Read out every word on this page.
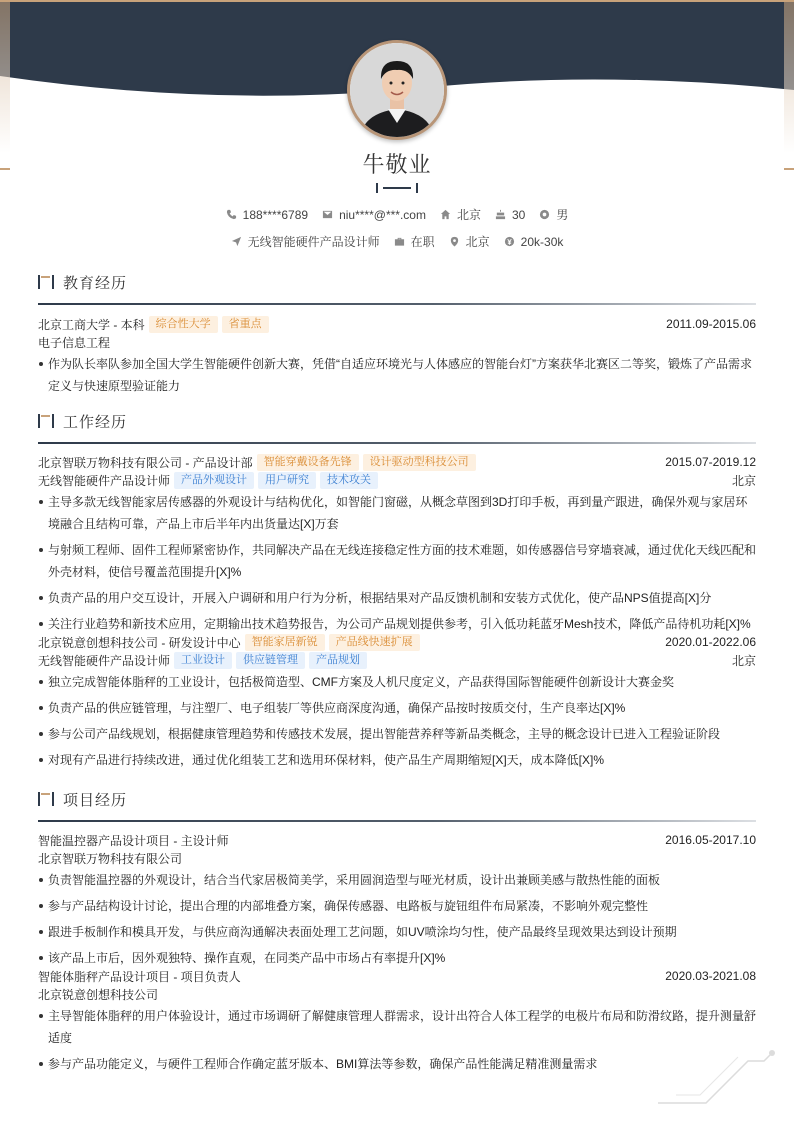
牛敬业
188****6789	niu****@***.com	北京	30	男
无线智能硬件产品设计师	在职	北京	20k-30k
教育经历
北京工商大学 - 本科	综合性大学	省重点	2011.09-2015.06
电子信息工程
作为队长率队参加全国大学生智能硬件创新大赛，凭借“自适应环境光与人体感应的智能台灯”方案获华北赛区二等奖，锻炼了产品需求定义与快速原型验证能力
工作经历
北京智联万物科技有限公司 - 产品设计部	智能穿戴设备先锋	设计驱动型科技公司	2015.07-2019.12
无线智能硬件产品设计师	产品外观设计	用户研究	技术攻关	北京
主导多款无线智能家居传感器的外观设计与结构优化，如智能门窗磁，从概念草图到3D打印手板，再到量产跟进，确保外观与家居环境融合且结构可靠，产品上市后半年内出货量达[X]万套
与射频工程师、固件工程师紧密协作，共同解决产品在无线连接稳定性方面的技术难题，如传感器信号穿墙衰减，通过优化天线匹配和外壳材料，使信号覆盖范围提升[X]%
负责产品的用户交互设计，开展入户调研和用户行为分析，根据结果对产品反馈机制和安装方式优化，使产品NPS值提高[X]分
关注行业趋势和新技术应用，定期输出技术趋势报告，为公司产品规划提供参考，引入低功耗蓝牙Mesh技术，降低产品待机功耗[X]%
北京锐意创想科技公司 - 研发设计中心	智能家居新锐	产品线快速扩展	2020.01-2022.06
无线智能硬件产品设计师	工业设计	供应链管理	产品规划	北京
独立完成智能体脂秤的工业设计，包括极简造型、CMF方案及人机尺度定义，产品获得国际智能硬件创新设计大赛金奖
负责产品的供应链管理，与注塑厂、电子组装厂等供应商深度沟通，确保产品按时按质交付，生产良率达[X]%
参与公司产品线规划，根据健康管理趋势和传感技术发展，提出智能营养秤等新品类概念，主导的概念设计已进入工程验证阶段
对现有产品进行持续改进，通过优化组装工艺和选用环保材料，使产品生产周期缩短[X]天，成本降低[X]%
项目经历
智能温控器产品设计项目 - 主设计师	2016.05-2017.10
北京智联万物科技有限公司
负责智能温控器的外观设计，结合当代家居极简美学，采用圆润造型与哑光材质，设计出兼顾美感与散热性能的面板
参与产品结构设计讨论，提出合理的内部堆叠方案，确保传感器、电路板与旋钮组件布局紧凑，不影响外观完整性
跟进手板制作和模具开发，与供应商沟通解决表面处理工艺问题，如UV喷涂均匀性，使产品最终呈现效果达到设计预期
该产品上市后，因外观独特、操作直观，在同类产品中市场占有率提升[X]%
智能体脂秤产品设计项目 - 项目负责人	2020.03-2021.08
北京锐意创想科技公司
主导智能体脂秤的用户体验设计，通过市场调研了解健康管理人群需求，设计出符合人体工程学的电极片布局和防滑纹路，提升测量舒适度
参与产品功能定义，与硬件工程师合作确定蓝牙版本、BMI算法等参数，确保产品性能满足精准测量需求
